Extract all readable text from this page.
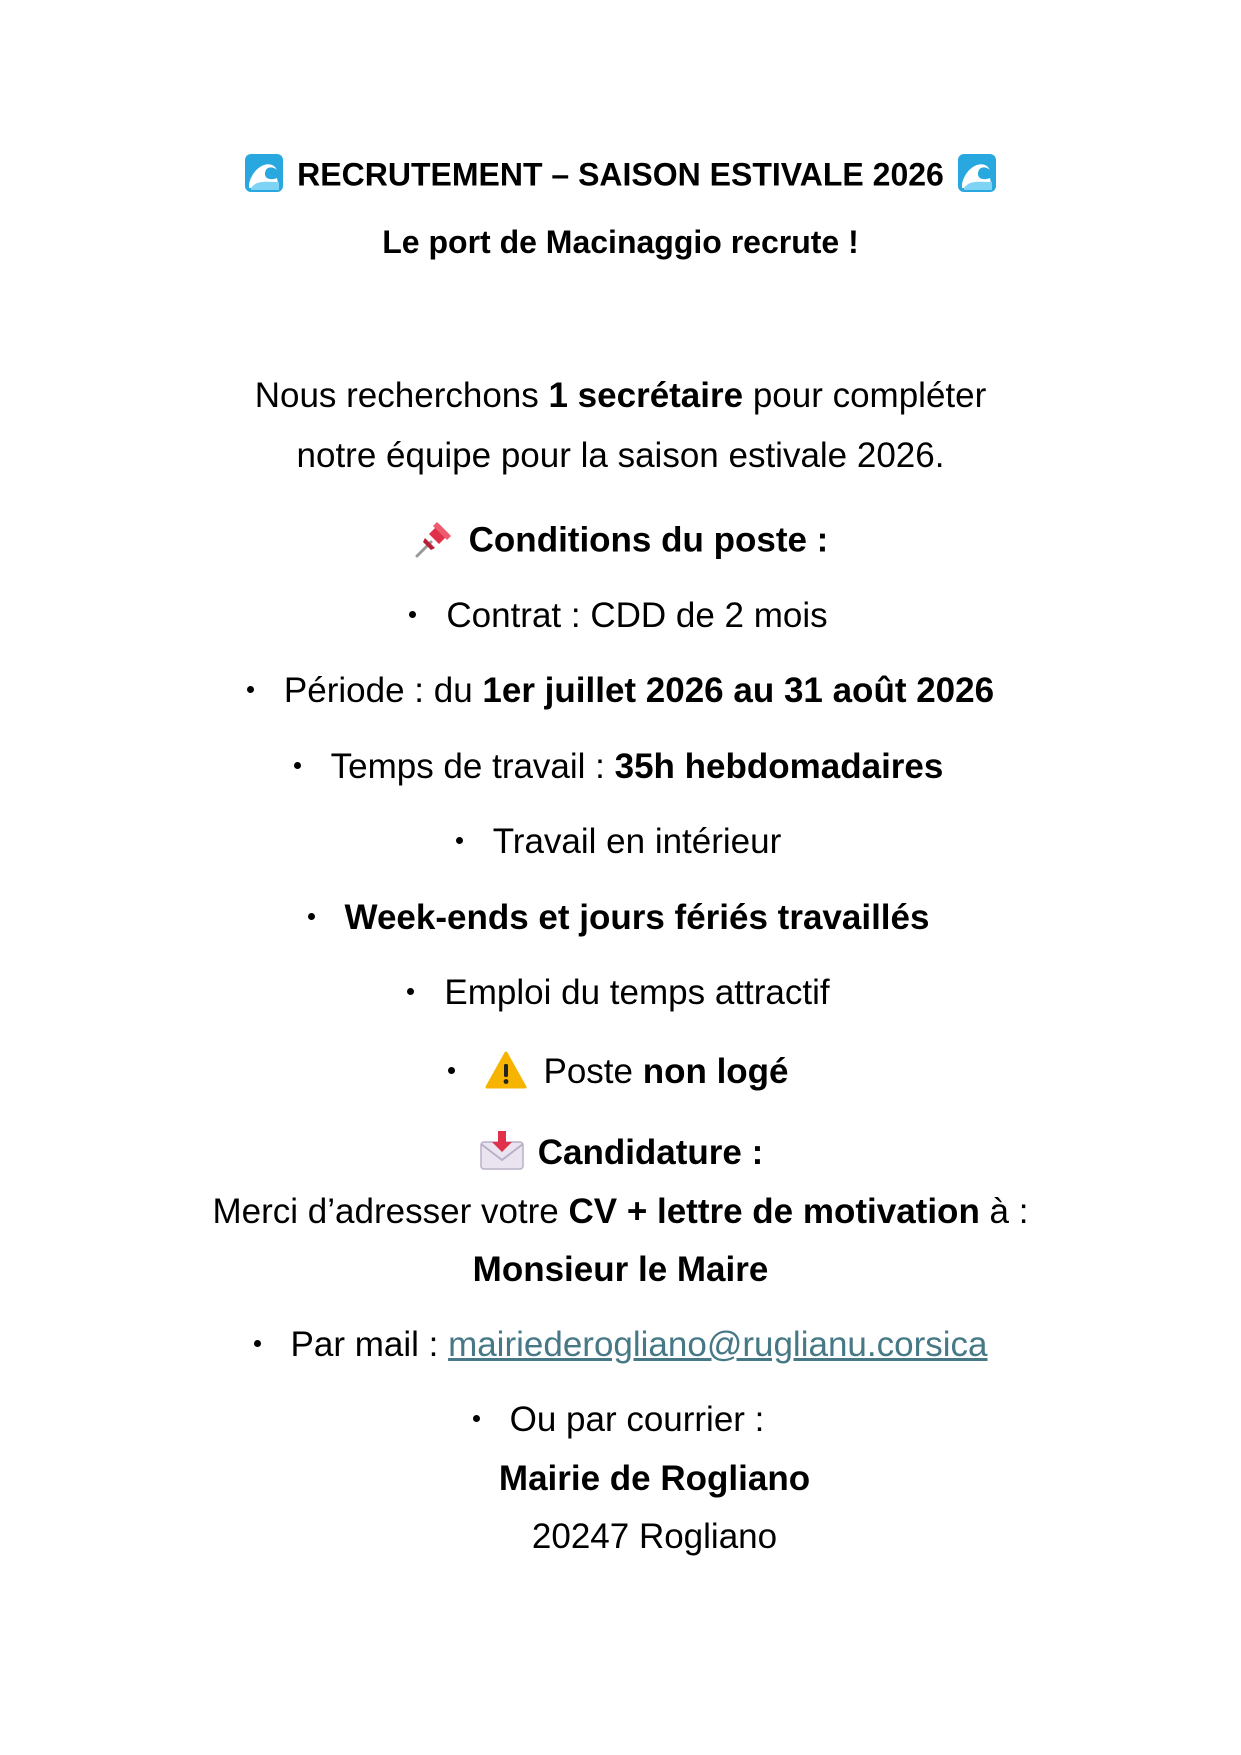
RECRUTEMENT – SAISON ESTIVALE 2026
Le port de Macinaggio recrute !
Nous recherchons 1 secrétaire pour compléter
notre équipe pour la saison estivale 2026.
Conditions du poste :
Contrat : CDD de 2 mois
Période : du 1er juillet 2026 au 31 août 2026
Temps de travail : 35h hebdomadaires
Travail en intérieur
Week-ends et jours fériés travaillés
Emploi du temps attractif
Poste non logé
Candidature :
Merci d’adresser votre CV + lettre de motivation à :
Monsieur le Maire
Par mail : mairiederogliano@ruglianu.corsica
Ou par courrier :
Mairie de Rogliano
20247 Rogliano
